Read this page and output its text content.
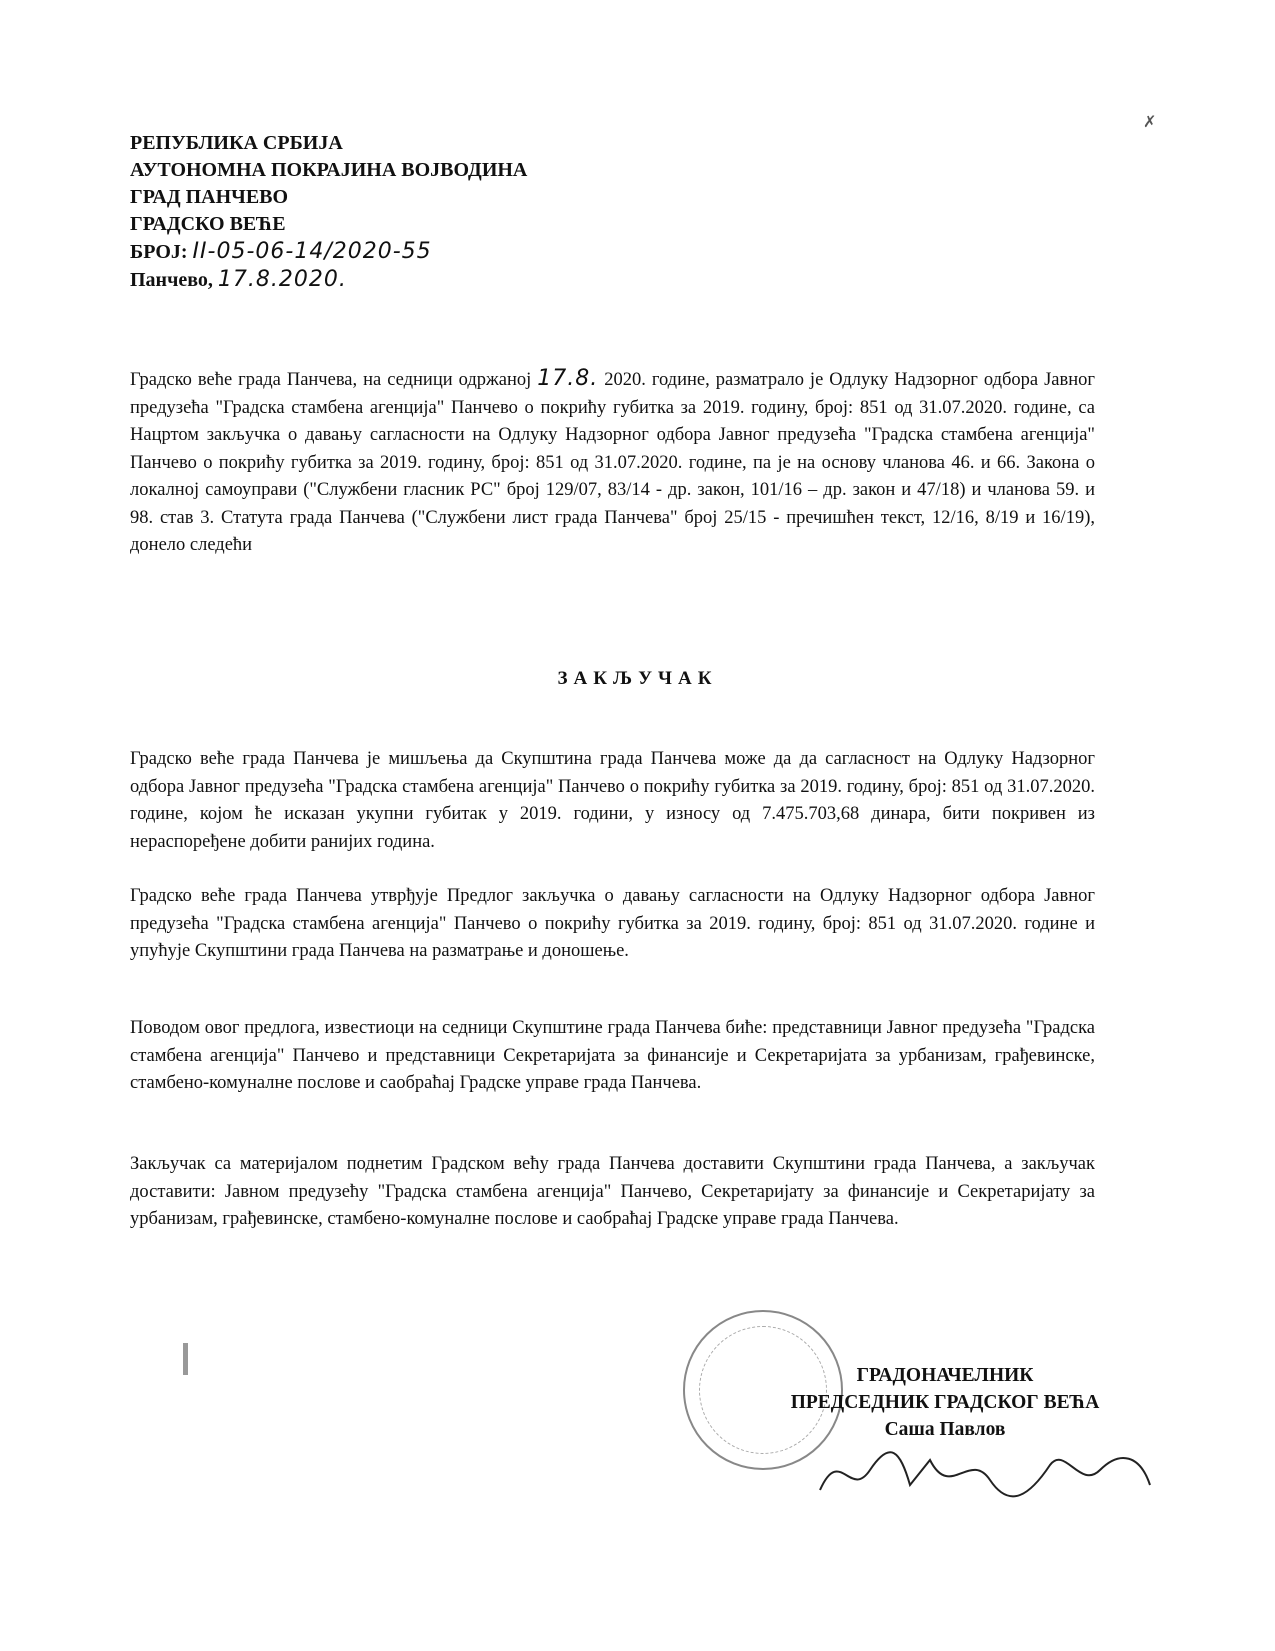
✗
РЕПУБЛИКА СРБИЈА
АУТОНОМНА ПОКРАЈИНА ВОЈВОДИНА
ГРАД ПАНЧЕВО
ГРАДСКО ВЕЋЕ
БРОЈ: II-05-06-14/2020-55
Панчево, 17.8.2020.
Градско веће града Панчева, на седници одржаној 17.8. 2020. године, разматрало је Одлуку Надзорног одбора Јавног предузећа "Градска стамбена агенција" Панчево о покрићу губитка за 2019. годину, број: 851 од 31.07.2020. године, са Нацртом закључка о давању сагласности на Одлуку Надзорног одбора Јавног предузећа "Градска стамбена агенција" Панчево о покрићу губитка за 2019. годину, број: 851 од 31.07.2020. године, па је на основу чланова 46. и 66. Закона о локалној самоуправи ("Службени гласник РС" број 129/07, 83/14 - др. закон, 101/16 – др. закон и 47/18) и чланова 59. и 98. став 3. Статута града Панчева ("Службени лист града Панчева" број 25/15 - пречишћен текст, 12/16, 8/19 и 16/19), донело следећи
ЗАКЉУЧАК
Градско веће града Панчева је мишљења да Скупштина града Панчева може да да сагласност на Одлуку Надзорног одбора Јавног предузећа "Градска стамбена агенција" Панчево о покрићу губитка за 2019. годину, број: 851 од 31.07.2020. године, којом ће исказан укупни губитак у 2019. години, у износу од 7.475.703,68 динара, бити покривен из нераспоређене добити ранијих година.
Градско веће града Панчева утврђује Предлог закључка о давању сагласности на Одлуку Надзорног одбора Јавног предузећа "Градска стамбена агенција" Панчево о покрићу губитка за 2019. годину, број: 851 од 31.07.2020. године и упућује Скупштини града Панчева на разматрање и доношење.
Поводом овог предлога, известиоци на седници Скупштине града Панчева биће: представници Јавног предузећа "Градска стамбена агенција" Панчево и представници Секретаријата за финансије и Секретаријата за урбанизам, грађевинске, стамбено-комуналне послове и саобраћај Градске управе града Панчева.
Закључак са материјалом поднетим Градском већу града Панчева доставити Скупштини града Панчева, а закључак доставити: Јавном предузећу "Градска стамбена агенција" Панчево, Секретаријату за финансије и Секретаријату за урбанизам, грађевинске, стамбено-комуналне послове и саобраћај Градске управе града Панчева.
ГРАДОНАЧЕЛНИК
ПРЕДСЕДНИК ГРАДСКОГ ВЕЋА
Саша Павлов
